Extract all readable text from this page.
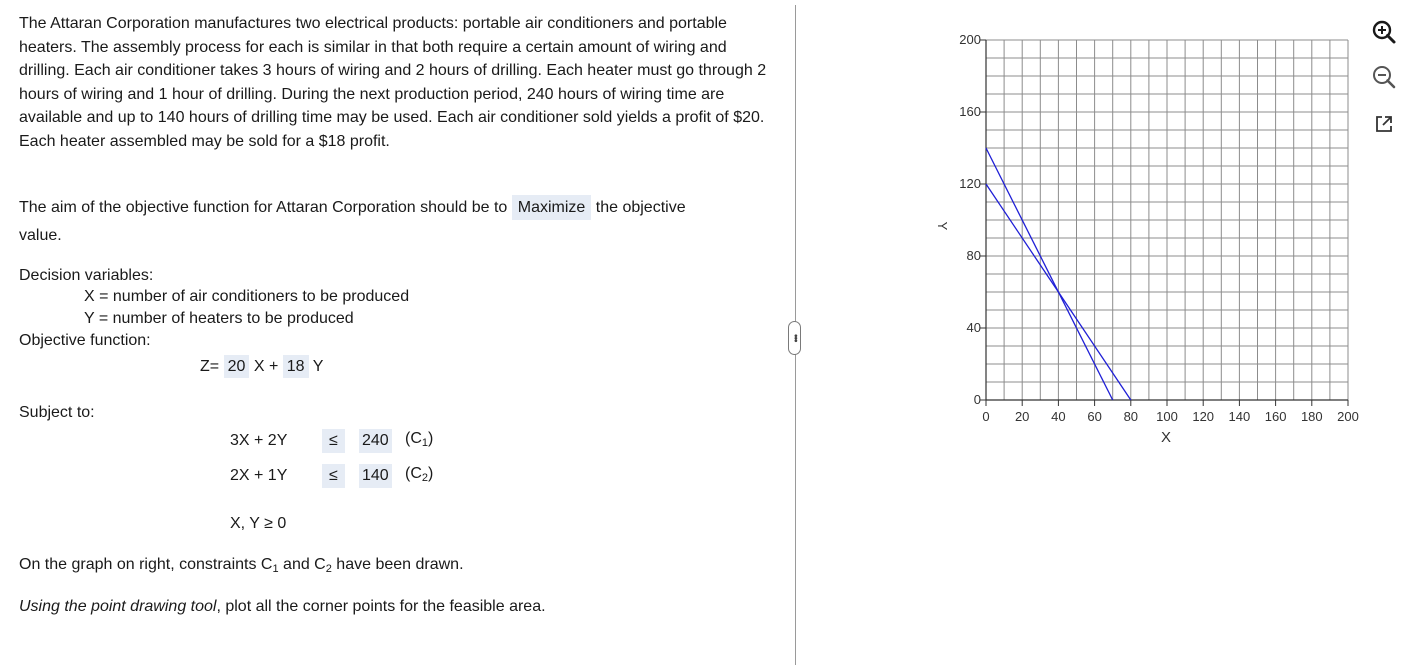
The Attaran Corporation manufactures two electrical products: portable air conditioners and portable heaters. The assembly process for each is similar in that both require a certain amount of wiring and drilling. Each air conditioner takes 3 hours of wiring and 2 hours of drilling. Each heater must go through 2 hours of wiring and 1 hour of drilling. During the next production period, 240 hours of wiring time are available and up to 140 hours of drilling time may be used. Each air conditioner sold yields a profit of $20. Each heater assembled may be sold for a $18 profit.
The aim of the objective function for Attaran Corporation should be to Maximize the objective
value.
Decision variables:
X = number of air conditioners to be produced
Y = number of heaters to be produced
Objective function:
Z= 20 X + 18 Y
Subject to:
3X + 2Y	≤	240 $(C_1)$
2X + 1Y	≤	140 $(C_2)$
X, Y ≥ 0
On the graph on right, constraints $C_1$ and $C_2$ have been drawn.
Using the point drawing tool, plot all the corner points for the feasible area.
•••
0 20 40 60 80 100 120 140 160 180 200
0
40
80
120
160
200
X
Y
